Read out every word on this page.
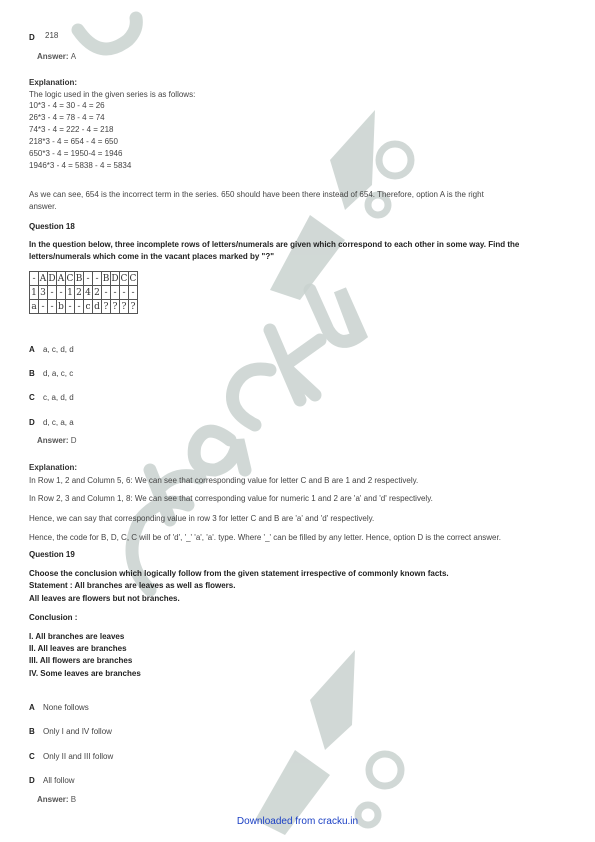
D 218
Answer: A
Explanation:
The logic used in the given series is as follows:
10*3 - 4 = 30 - 4 = 26
26*3 - 4 = 78 - 4 = 74
74*3 - 4 = 222 - 4 = 218
218*3 - 4 = 654 - 4 = 650
650*3 - 4 = 1950-4 = 1946
1946*3 - 4 = 5838 - 4 = 5834
As we can see, 654 is the incorrect term in the series. 650 should have been there instead of 654. Therefore, option A is the right
answer.
Question 18
In the question below, three incomplete rows of letters/numerals are given which correspond to each other in some way. Find the
letters/numerals which come in the vacant places marked by "?"
-	A	D	A	C	B	-	-	B	D	C	C
1	3	-	-	1	2	4	2	-	-	-	-
a	-	-	b	-	-	c	d	?	?	?	?
A a, c, d, d
B d, a, c, c
C c, a, d, d
D d, c, a, a
Answer: D
Explanation:
In Row 1, 2 and Column 5, 6: We can see that corresponding value for letter C and B are 1 and 2 respectively.
In Row 2, 3 and Column 1, 8: We can see that corresponding value for numeric 1 and 2 are 'a' and 'd' respectively.
Hence, we can say that corresponding value in row 3 for letter C and B are 'a' and 'd' respectively.
Hence, the code for B, D, C, C will be of 'd', '_' 'a', 'a'. type. Where '_' can be filled by any letter. Hence, option D is the correct answer.
Question 19
Choose the conclusion which logically follow from the given statement irrespective of commonly known facts.
Statement : All branches are leaves as well as flowers.
All leaves are flowers but not branches.
Conclusion :
I. All branches are leaves
II. All leaves are branches
III. All flowers are branches
IV. Some leaves are branches
A None follows
B Only I and IV follow
C Only II and III follow
D All follow
Answer: B
Downloaded from cracku.in
